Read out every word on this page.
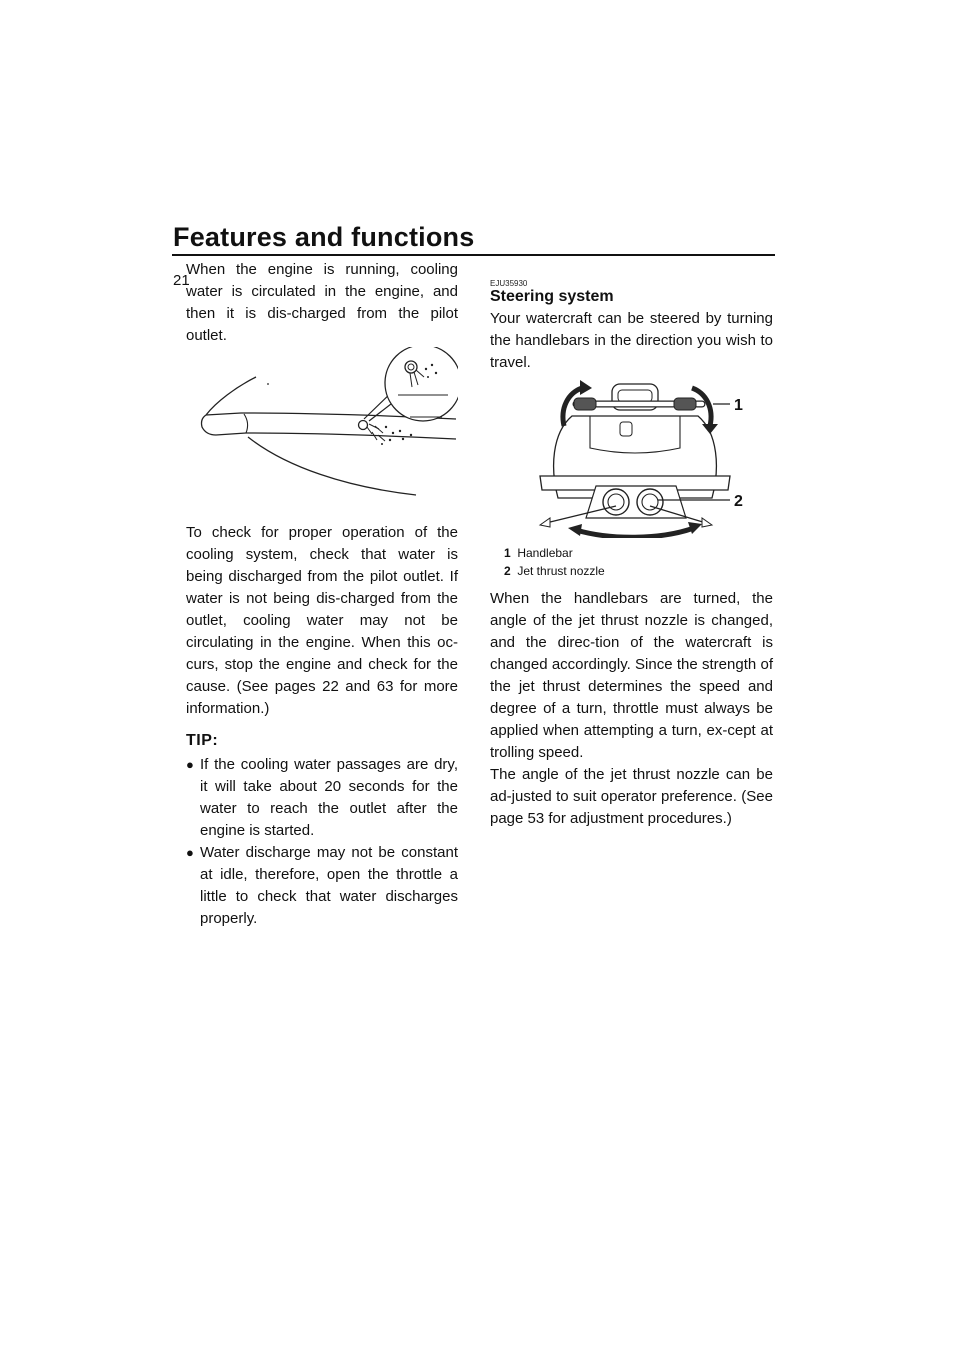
Features and functions
21

When the engine is running, cooling water is circulated in the engine, and then it is dis-charged from the pilot outlet.

To check for proper operation of the cooling system, check that water is being discharged from the pilot outlet. If water is not being dis-charged from the outlet, cooling water may not be circulating in the engine. When this oc-curs, stop the engine and check for the cause. (See pages 22 and 63 for more information.)

TIP:
● If the cooling water passages are dry, it will take about 20 seconds for the water to reach the outlet after the engine is started.
● Water discharge may not be constant at idle, therefore, open the throttle a little to check that water discharges properly.
EJU35930
Steering system

Your watercraft can be steered by turning the handlebars in the direction you wish to travel.

1
2
1 Handlebar
2 Jet thrust nozzle

When the handlebars are turned, the angle of the jet thrust nozzle is changed, and the direc-tion of the watercraft is changed accordingly. Since the strength of the jet thrust determines the speed and degree of a turn, throttle must always be applied when attempting a turn, ex-cept at trolling speed.

The angle of the jet thrust nozzle can be ad-justed to suit operator preference. (See page 53 for adjustment procedures.)
